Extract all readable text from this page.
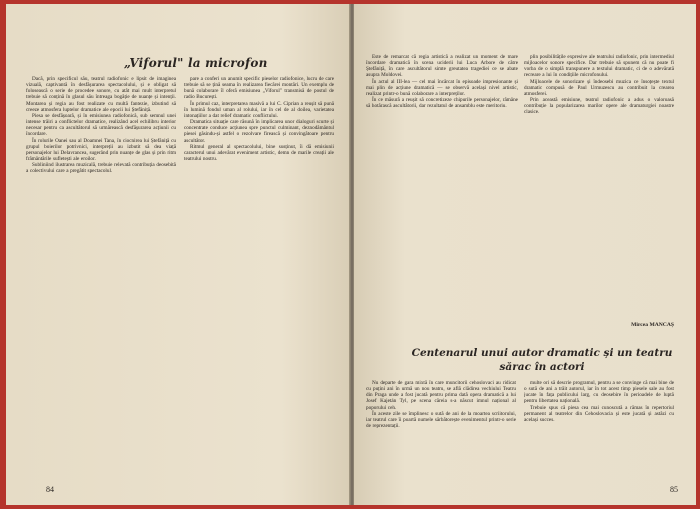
„Viforul" la microfon

Dacă, prin specificul său, teatrul radiofonic e lipsit de imaginea vizuală, captivantă în desfășurarea spectacolului, și e obligat să folosească o serie de procedee sonore, cu atât mai mult interpretul trebuie să conțină în glasul său întreaga bogăție de nuanțe și intenții. Montarea și regia au fost realizate cu multă fantezie, izbutind să creeze atmosfera luptelor dramatice ale epocii lui Ștefăniță.

Piesa se desfășoară, și în emisiunea radiofonică, sub semnul unei intense trăiri a conflictelor dramatice, realizând acel echilibru interior necesar pentru ca ascultătorul să urmărească desfășurarea acțiunii cu încordare.

În rolurile Oanei sau al Doamnei Tana, în ciocnirea lui Ștefăniță cu grupul boierilor potrivnici, interpreții au izbutit să dea viață personajelor lui Delavrancea, sugerând prin nuanțe de glas și prin ritm frământările sufletești ale eroilor.

Subliniind ilustrarea muzicală, trebuie relevată contribuția deosebită a colectivului care a pregătit spectacolul.

pare a conferi un anumit specific pieselor radiofonice, lucru de care trebuie să se țină seama în realizarea fiecărei montări. Un exemplu de bună colaborare îl oferă emisiunea „Viforul" transmisă de postul de radio București.

În primul caz, interpretarea masivă a lui C. Ciprian a reușit să pună în lumină fondul uman al rolului, iar în cel de al doilea, varietatea intonațiilor a dat relief dramatic conflictului.

Dramatica situație care răsună în implicarea unor dialoguri scurte și concentrate conduce acțiunea spre punctul culminant, deznodământul piesei găsindu-și astfel o rezolvare firească și convingătoare pentru ascultător.

Ritmul general al spectacolului, bine susținut, îi dă emisiunii caracterul unui adevărat eveniment artistic, demn de marile creații ale teatrului nostru.

84

Este de remarcat că regia artistică a realizat un moment de mare încordare dramatică în scena uciderii lui Luca Arbore de către Ștefăniță, în care ascultătorul simte greutatea tragediei ce se abate asupra Moldovei.

În actul al III-lea — cel mai încărcat în episoade impresionante și mai plin de acțiune dramatică — se observă același nivel artistic, realizat printr-o bună colaborare a interpreților.

În ce măsură a reușit să concretizeze chipurile personajelor, rămâne să hotărască ascultătorii, dar rezultatul de ansamblu este meritoriu.

plin posibilitățile expresive ale teatrului radiofonic, prin intermediul mijloacelor sonore specifice. Dar trebuie să spunem că nu poate fi vorba de o simplă transpunere a textului dramatic, ci de o adevărată recreare a lui în condițiile microfonului.

Mijloacele de sonorizare și îndeosebi muzica ce însoțește textul dramatic compusă de Paul Urmuzescu au contribuit la crearea atmosferei.

Prin această emisiune, teatrul radiofonic a adus o valoroasă contribuție la popularizarea marilor opere ale dramaturgiei noastre clasice.

Mircea MANCAȘ
85
Centenarul unui autor dramatic și un teatru sărac în actori

Nu departe de gara mixtă în care muncitorii cehoslovaci au ridicat cu puțini ani în urmă un nou teatru, se află clădirea vechiului Teatru din Praga unde a fost jucată pentru prima dată opera dramatică a lui Josef Kajetán Tyl, pe scena căreia s-a născut imnul național al poporului ceh.

În aceste zile se împlinesc o sută de ani de la moartea scriitorului, iar teatrul care îi poartă numele sărbătorește evenimentul printr-o serie de reprezentații.

multe ori să descrie programul, pentru a se convinge că mai bine de o sută de ani a trăit autorul, iar în tot acest timp piesele sale au fost jucate în fața publicului larg, cu deosebire în perioadele de luptă pentru libertatea națională.

Trebuie spus că piesa cea mai cunoscută a rămas în repertoriul permanent al teatrelor din Cehoslovacia și este jucată și astăzi cu același succes.
